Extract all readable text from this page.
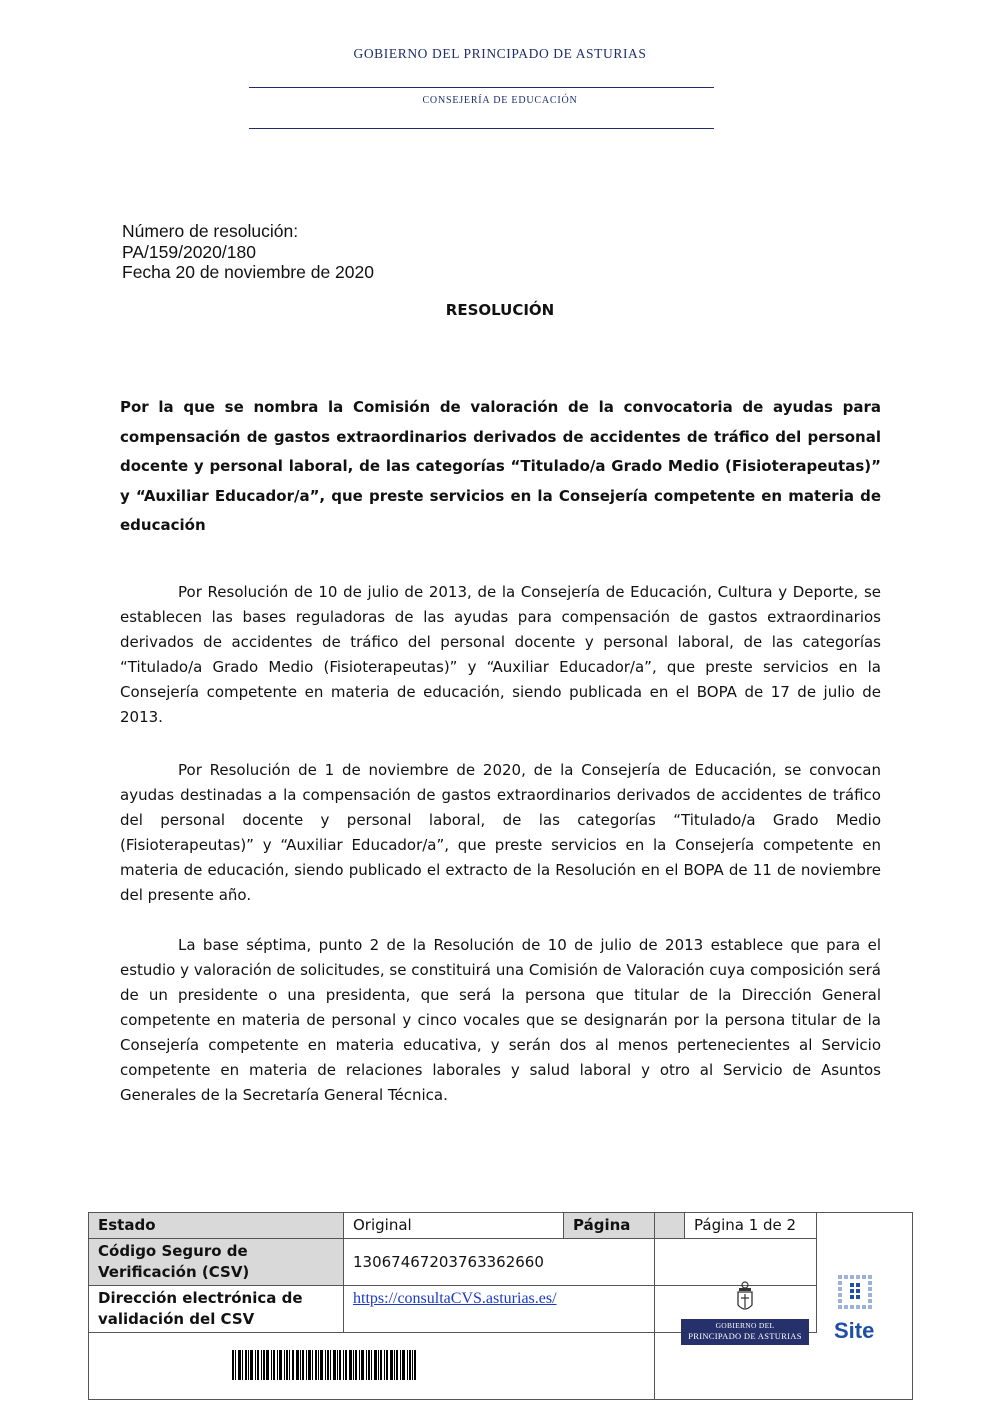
GOBIERNO DEL PRINCIPADO DE ASTURIAS
CONSEJERÍA DE EDUCACIÓN
Número de resolución:
PA/159/2020/180
Fecha 20 de noviembre de 2020
RESOLUCIÓN
Por la que se nombra la Comisión de valoración de la convocatoria de ayudas para compensación de gastos extraordinarios derivados de accidentes de tráfico del personal docente y personal laboral, de las categorías “Titulado/a Grado Medio (Fisioterapeutas)” y “Auxiliar Educador/a”, que preste servicios en la Consejería competente en materia de educación

Por Resolución de 10 de julio de 2013, de la Consejería de Educación, Cultura y Deporte, se establecen las bases reguladoras de las ayudas para compensación de gastos extraordinarios derivados de accidentes de tráfico del personal docente y personal laboral, de las categorías “Titulado/a Grado Medio (Fisioterapeutas)” y “Auxiliar Educador/a”, que preste servicios en la Consejería competente en materia de educación, siendo publicada en el BOPA de 17 de julio de 2013.

Por Resolución de 1 de noviembre de 2020, de la Consejería de Educación, se convocan ayudas destinadas a la compensación de gastos extraordinarios derivados de accidentes de tráfico del personal docente y personal laboral, de las categorías “Titulado/a Grado Medio (Fisioterapeutas)” y “Auxiliar Educador/a”, que preste servicios en la Consejería competente en materia de educación, siendo publicado el extracto de la Resolución en el BOPA de 11 de noviembre del presente año.

La base séptima, punto 2 de la Resolución de 10 de julio de 2013 establece que para el estudio y valoración de solicitudes, se constituirá una Comisión de Valoración cuya composición será de un presidente o una presidenta, que será la persona que titular de la Dirección General competente en materia de personal y cinco vocales que se designarán por la persona titular de la Consejería competente en materia educativa, y serán dos al menos pertenecientes al Servicio competente en materia de relaciones laborales y salud laboral y otro al Servicio de Asuntos Generales de la Secretaría General Técnica.

Estado	Original	Página	Página 1 de 2
Código Seguro de Verificación (CSV)	13067467203763362660		
Dirección electrónica de validación del CSV	https://consultaCVS.asturias.es/		
GOBIERNO DEL
PRINCIPADO DE ASTURIAS	Site
